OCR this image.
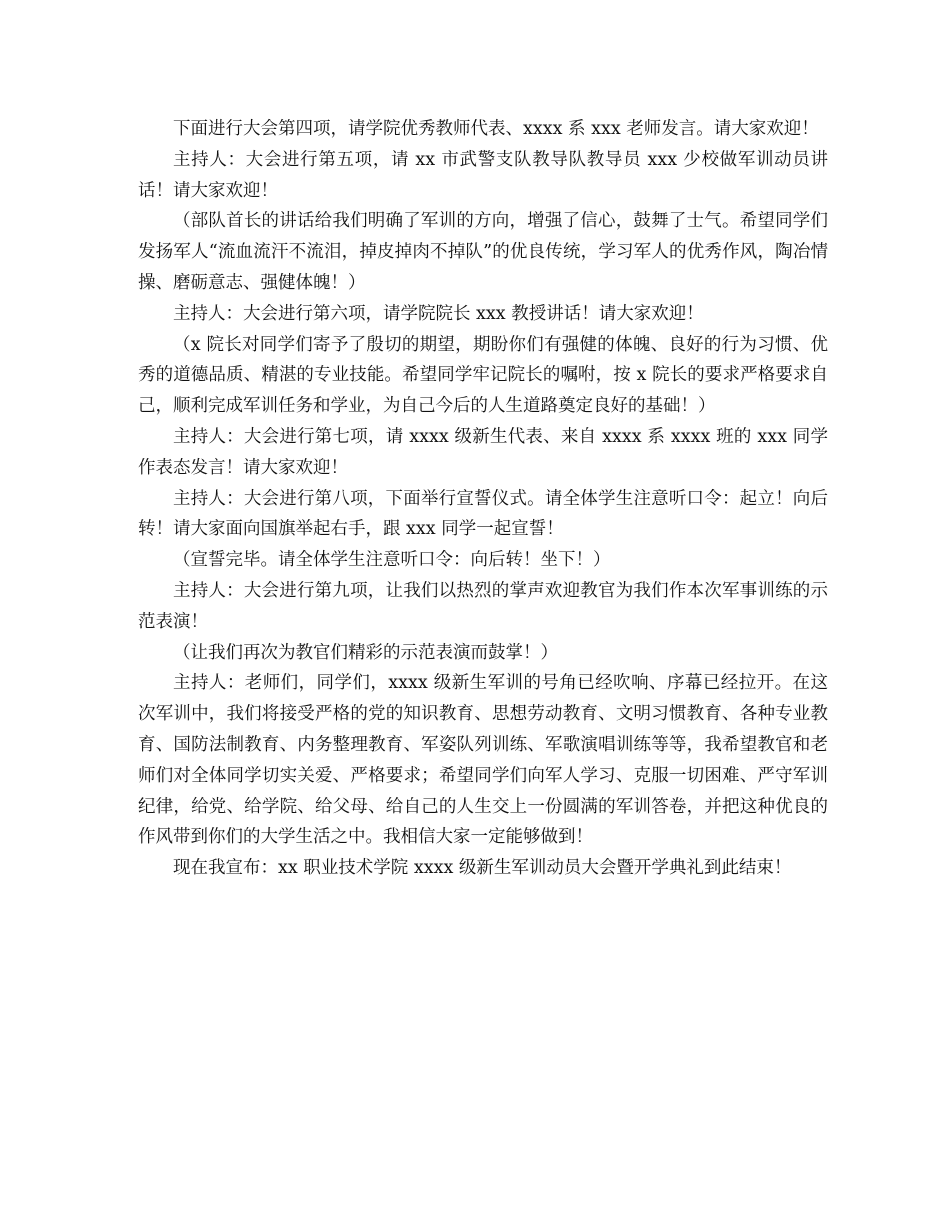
下面进行大会第四项，请学院优秀教师代表、xxxx 系 xxx 老师发言。请大家欢迎！

主持人：大会进行第五项，请 xx 市武警支队教导队教导员 xxx 少校做军训动员讲话！请大家欢迎！

（部队首长的讲话给我们明确了军训的方向，增强了信心，鼓舞了士气。希望同学们发扬军人“流血流汗不流泪，掉皮掉肉不掉队”的优良传统，学习军人的优秀作风，陶冶情操、磨砺意志、强健体魄！）

主持人：大会进行第六项，请学院院长 xxx 教授讲话！请大家欢迎！

（x 院长对同学们寄予了殷切的期望，期盼你们有强健的体魄、良好的行为习惯、优秀的道德品质、精湛的专业技能。希望同学牢记院长的嘱咐，按 x 院长的要求严格要求自己，顺利完成军训任务和学业，为自己今后的人生道路奠定良好的基础！）

主持人：大会进行第七项，请 xxxx 级新生代表、来自 xxxx 系 xxxx 班的 xxx 同学作表态发言！请大家欢迎！

主持人：大会进行第八项，下面举行宣誓仪式。请全体学生注意听口令：起立！向后转！请大家面向国旗举起右手，跟 xxx 同学一起宣誓！

（宣誓完毕。请全体学生注意听口令：向后转！坐下！）

主持人：大会进行第九项，让我们以热烈的掌声欢迎教官为我们作本次军事训练的示范表演！

（让我们再次为教官们精彩的示范表演而鼓掌！）

主持人：老师们，同学们，xxxx 级新生军训的号角已经吹响、序幕已经拉开。在这次军训中，我们将接受严格的党的知识教育、思想劳动教育、文明习惯教育、各种专业教育、国防法制教育、内务整理教育、军姿队列训练、军歌演唱训练等等，我希望教官和老师们对全体同学切实关爱、严格要求；希望同学们向军人学习、克服一切困难、严守军训纪律，给党、给学院、给父母、给自己的人生交上一份圆满的军训答卷，并把这种优良的作风带到你们的大学生活之中。我相信大家一定能够做到！

现在我宣布：xx 职业技术学院 xxxx 级新生军训动员大会暨开学典礼到此结束！
